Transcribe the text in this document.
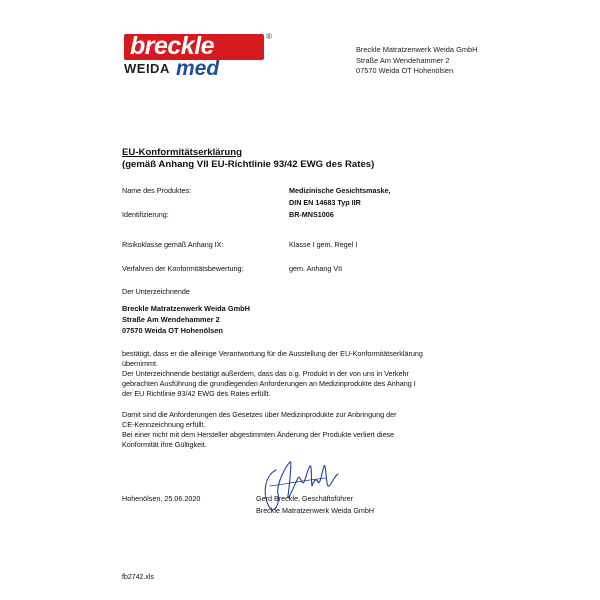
breckle	®
WEIDA med
Breckle Matratzenwerk Weida GmbH
Straße Am Wendehammer 2
07570 Weida OT Hohenölsen
EU-Konformitätserklärung
(gemäß Anhang VII EU-Richtlinie 93/42 EWG des Rates)
Name des Produktes:	Medizinische Gesichtsmaske,
DIN EN 14683 Typ IIR
Identifizierung:	BR-MNS1006
Risikoklasse gemäß Anhang IX:	Klasse I gem. Regel I
Verfahren der Konformitätsbewertung:	gem. Anhang VII
Der Unterzeichnende
Breckle Matratzenwerk Weida GmbH
Straße Am Wendehammer 2
07570 Weida OT Hohenölsen
bestätigt, dass er die alleinige Verantwortung für die Ausstellung der EU-Konformitätserklärung
übernimmt.
Der Unterzeichnende bestätigt außerdem, dass das o.g. Produkt in der von uns in Verkehr
gebrachten Ausführung die grundlegenden Anforderungen an Medizinprodukte des Anhang I
der EU Richtlinie 93/42 EWG des Rates erfüllt.
Damit sind die Anforderungen des Gesetzes über Medizinprodukte zur Anbringung der
CE-Kennzeichnung erfüllt.
Bei einer nicht mit dem Hersteller abgestimmten Änderung der Produkte verliert diese
Konformität ihre Gültigkeit.
Hohenölsen, 25.06.2020	Gerd Breckle, Geschäftsführer
Breckle Matratzenwerk Weida GmbH
fb2742.xls
